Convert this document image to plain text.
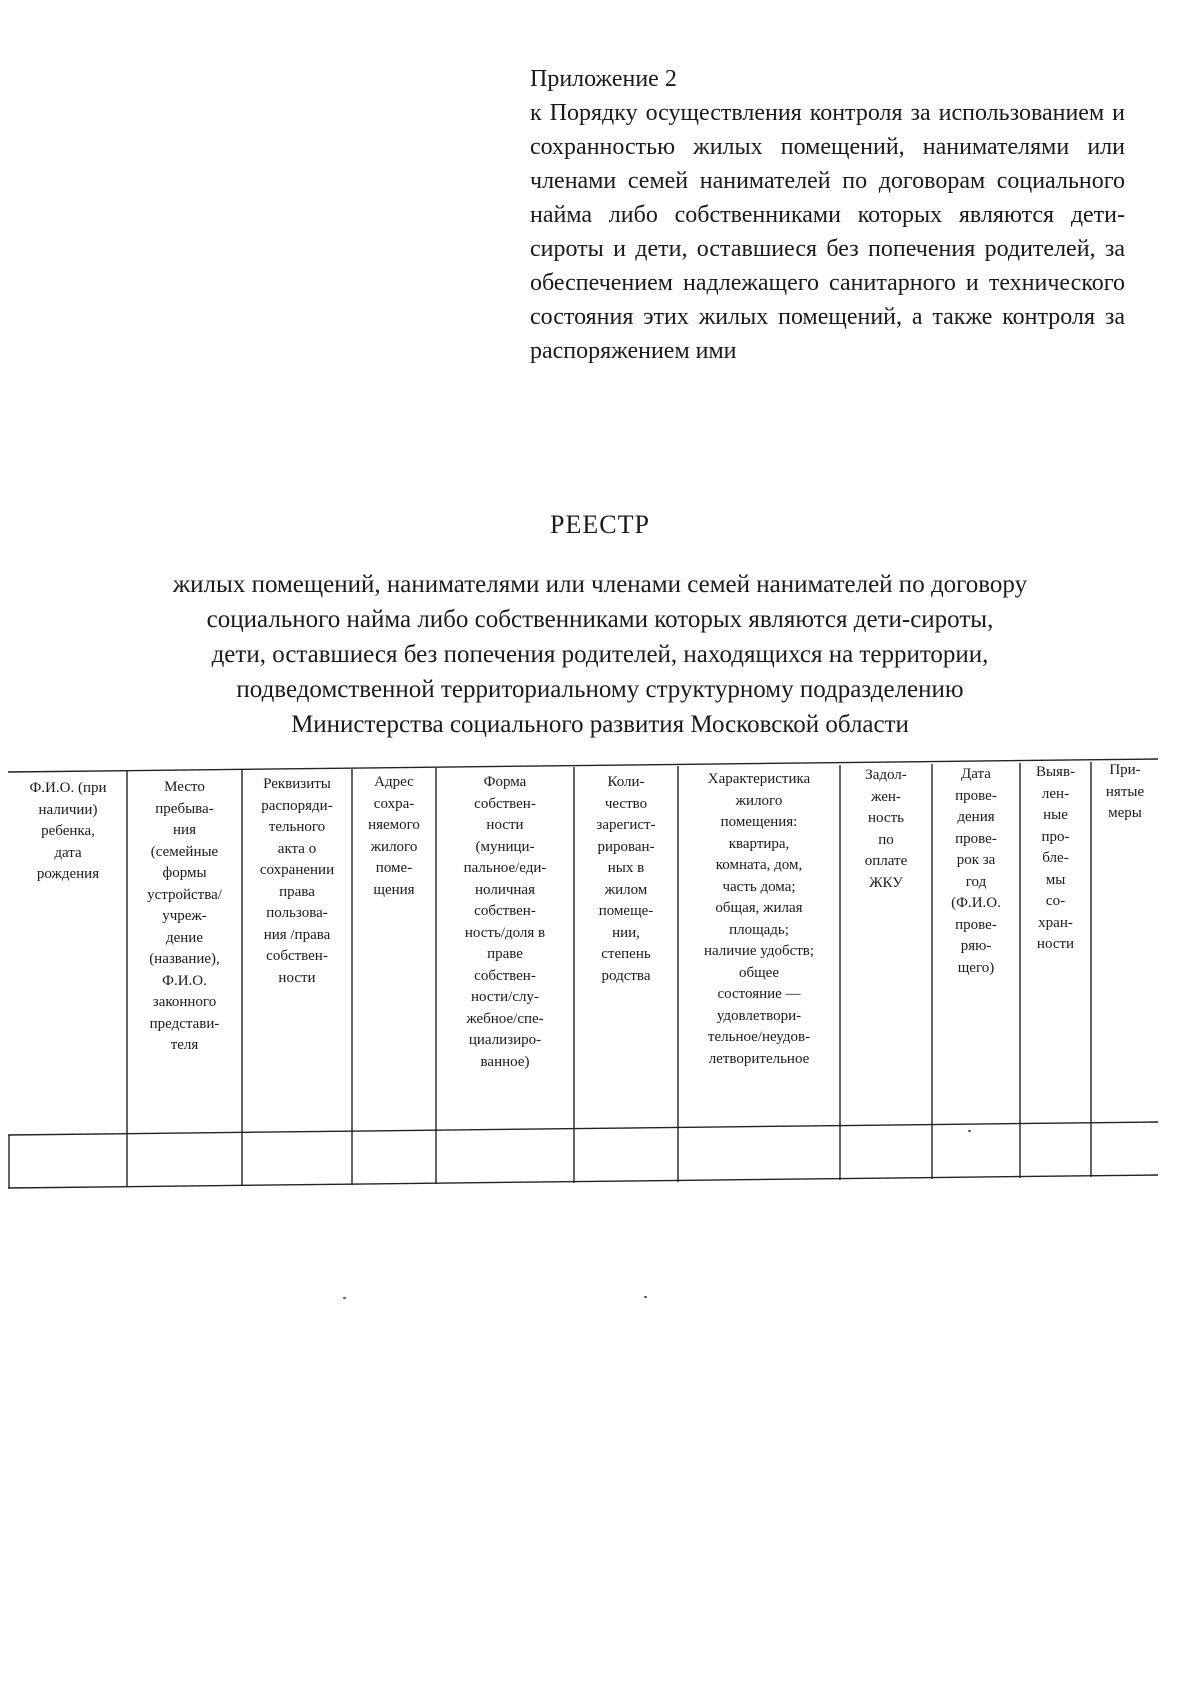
Приложение 2

к Порядку осуществления контроля за использованием и сохранностью жилых помещений, нанимателями или членами семей нанимателей по договорам социального найма либо собственниками которых являются дети-сироты и дети, оставшиеся без попечения родителей, за обеспечением надлежащего санитарного и технического состояния этих жилых помещений, а также контроля за распоряжением ими

РЕЕСТР
жилых помещений, нанимателями или членами семей нанимателей по договору
социального найма либо собственниками которых являются дети-сироты,
дети, оставшиеся без попечения родителей, находящихся на территории,
подведомственной территориальному структурному подразделению
Министерства социального развития Московской области

Ф.И.О. (при
наличии)
ребенка,
дата
рождения

Место
пребыва-
ния
(семейные
формы
устройства/
учреж-
дение
(название),
Ф.И.О.
законного
представи-
теля

Реквизиты
распоряди-
тельного
акта о
сохранении
права
пользова-
ния /права
собствен-
ности

Адрес
сохра-
няемого
жилого
поме-
щения

Форма
собствен-
ности
(муници-
пальное/еди-
ноличная
собствен-
ность/доля в
праве
собствен-
ности/слу-
жебное/спе-
циализиро-
ванное)

Коли-
чество
зарегист-
рирован-
ных в
жилом
помеще-
нии,
степень
родства

Характеристика
жилого
помещения:
квартира,
комната, дом,
часть дома;
общая, жилая
площадь;
наличие удобств;
общее
состояние —
удовлетвори-
тельное/неудов-
летворительное

Задол-
жен-
ность
по
оплате
ЖКУ

Дата
прове-
дения
прове-
рок за
год
(Ф.И.О.
прове-
ряю-
щего)

Выяв-
лен-
ные
про-
бле-
мы
со-
хран-
ности

При-
нятые
меры
